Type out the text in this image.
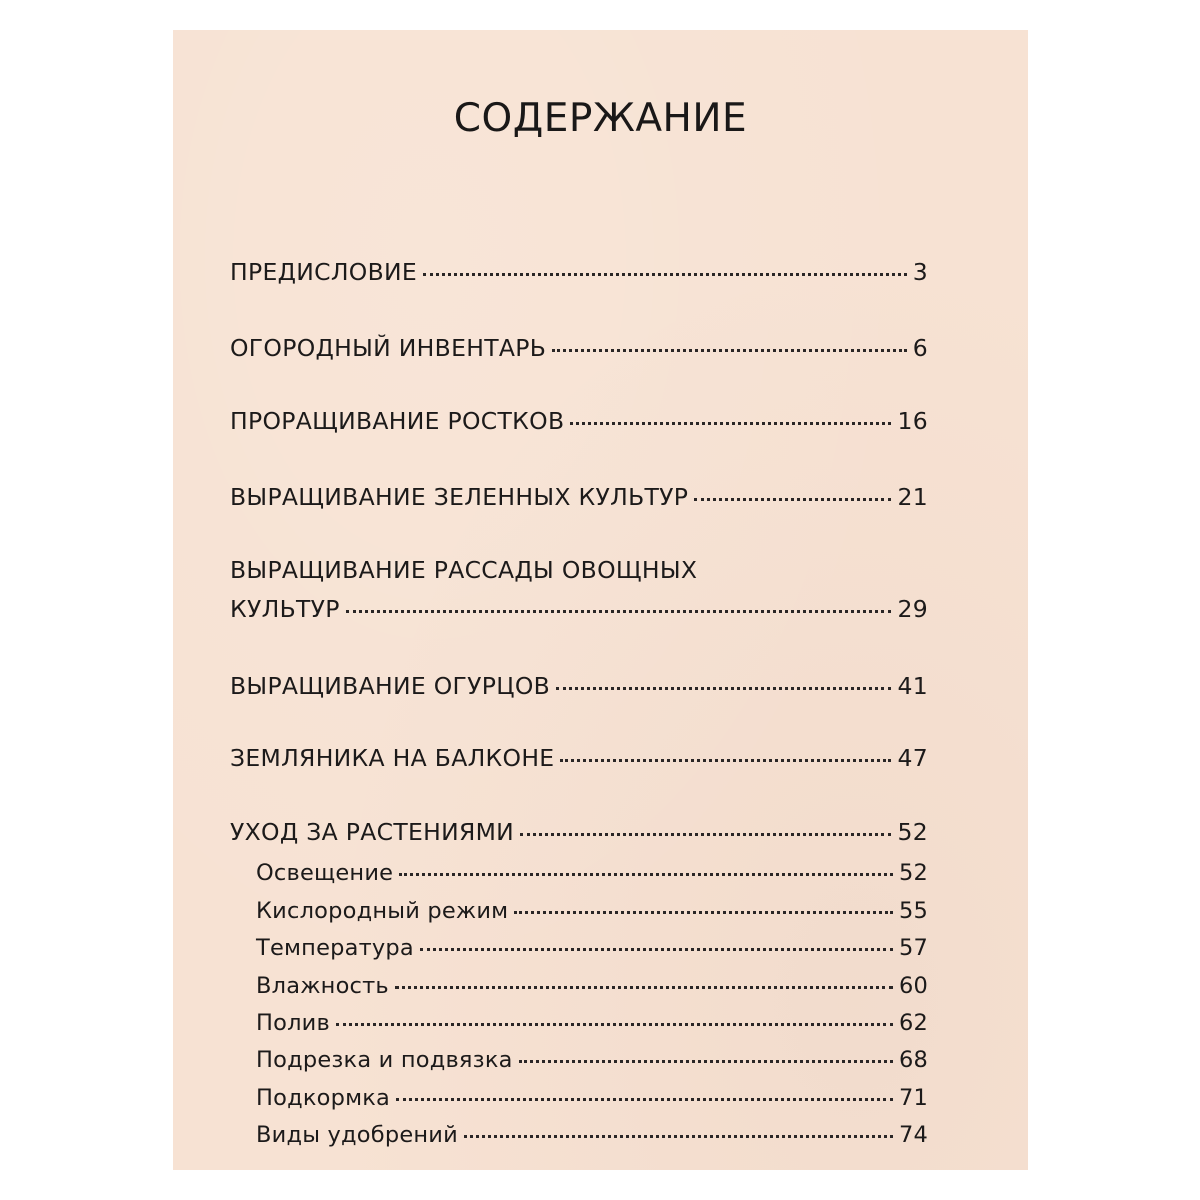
СОДЕРЖАНИЕ
ПРЕДИСЛОВИЕ	3
ОГОРОДНЫЙ ИНВЕНТАРЬ	6
ПРОРАЩИВАНИЕ РОСТКОВ	16
ВЫРАЩИВАНИЕ ЗЕЛЕННЫХ КУЛЬТУР	21
ВЫРАЩИВАНИЕ РАССАДЫ ОВОЩНЫХ
КУЛЬТУР	29
ВЫРАЩИВАНИЕ ОГУРЦОВ	41
ЗЕМЛЯНИКА НА БАЛКОНЕ	47
УХОД ЗА РАСТЕНИЯМИ	52
Освещение	52
Кислородный режим	55
Температура	57
Влажность	60
Полив	62
Подрезка и подвязка	68
Подкормка	71
Виды удобрений	74
